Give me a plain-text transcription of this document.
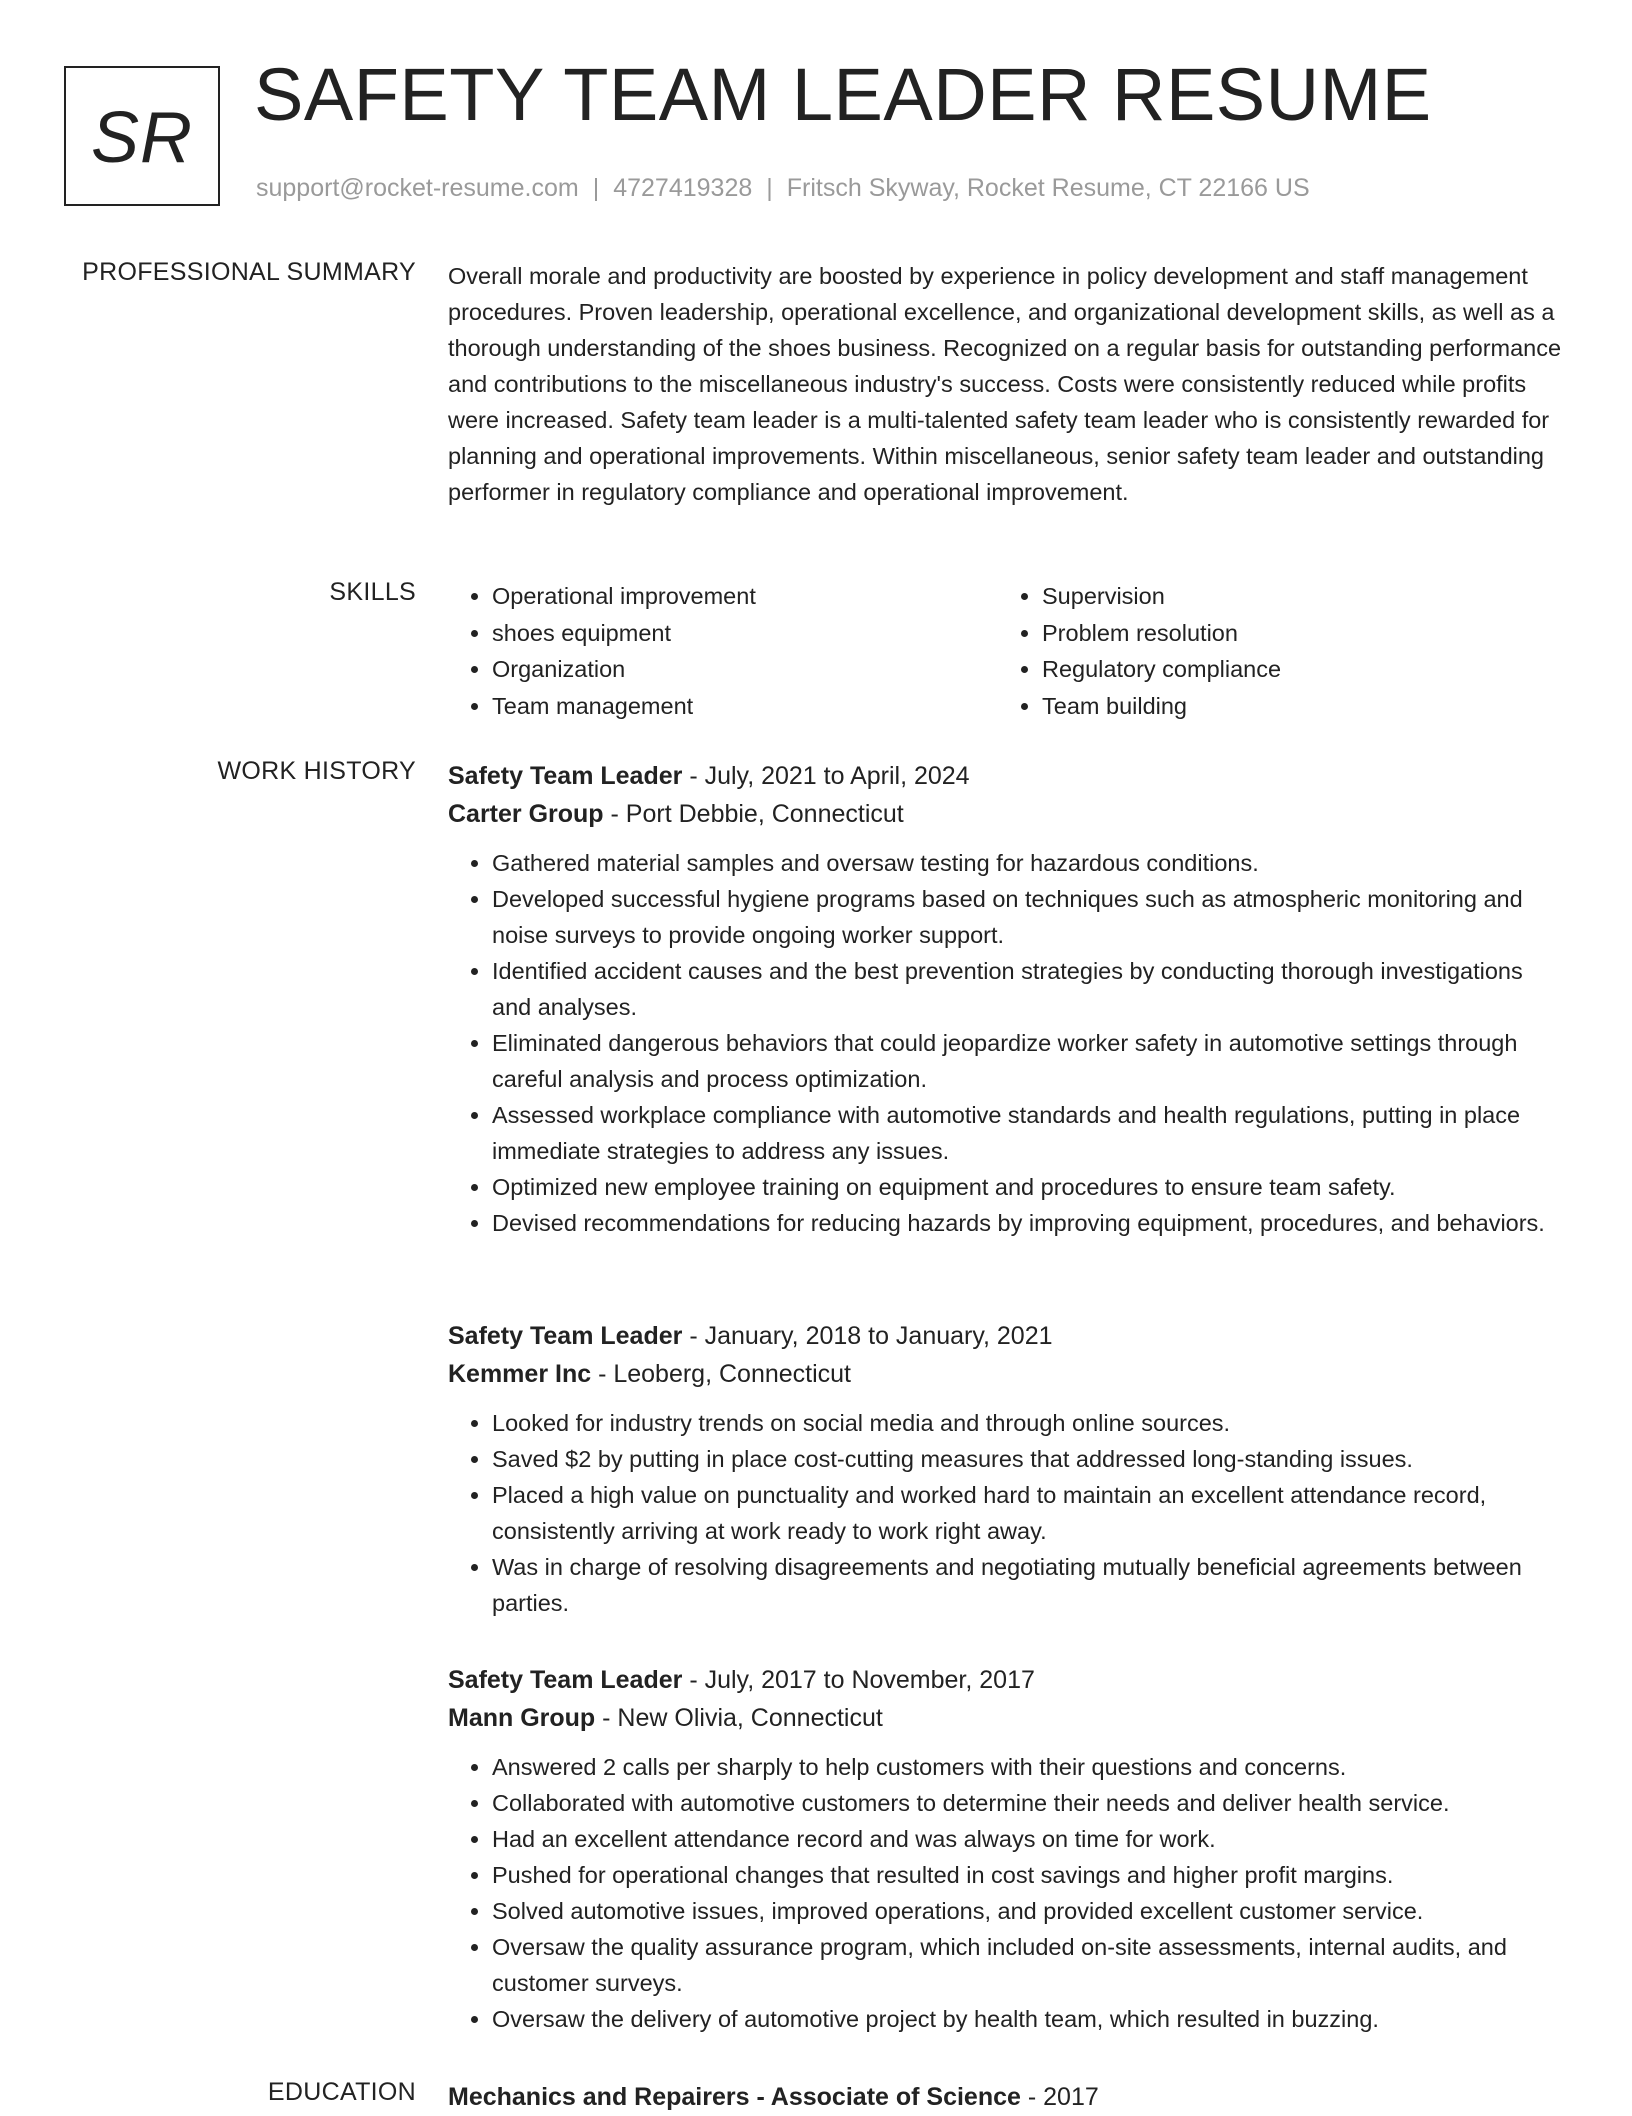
SR
SAFETY TEAM LEADER RESUME
support@rocket-resume.com | 4727419328 | Fritsch Skyway, Rocket Resume, CT 22166 US
PROFESSIONAL SUMMARY Overall morale and productivity are boosted by experience in policy development and staff management procedures. Proven leadership, operational excellence, and organizational development skills, as well as a thorough understanding of the shoes business. Recognized on a regular basis for outstanding performance and contributions to the miscellaneous industry's success. Costs were consistently reduced while profits were increased. Safety team leader is a multi-talented safety team leader who is consistently rewarded for planning and operational improvements. Within miscellaneous, senior safety team leader and outstanding performer in regulatory compliance and operational improvement.

SKILLS
•	Operational improvement
• shoes equipment
• Organization
• Team management
• Supervision
• Problem resolution
• Regulatory compliance
• Team building
WORK HISTORY Safety Team Leader - July, 2021 to April, 2024
Carter Group - Port Debbie, Connecticut
• Gathered material samples and oversaw testing for hazardous conditions.
• Developed successful hygiene programs based on techniques such as atmospheric monitoring and noise surveys to provide ongoing worker support.
• Identified accident causes and the best prevention strategies by conducting thorough investigations and analyses.
• Eliminated dangerous behaviors that could jeopardize worker safety in automotive settings through careful analysis and process optimization.
• Assessed workplace compliance with automotive standards and health regulations, putting in place immediate strategies to address any issues.
• Optimized new employee training on equipment and procedures to ensure team safety.
• Devised recommendations for reducing hazards by improving equipment, procedures, and behaviors.
Safety Team Leader - January, 2018 to January, 2021
Kemmer Inc - Leoberg, Connecticut
• Looked for industry trends on social media and through online sources.
• Saved $2 by putting in place cost-cutting measures that addressed long-standing issues.
• Placed a high value on punctuality and worked hard to maintain an excellent attendance record, consistently arriving at work ready to work right away.
• Was in charge of resolving disagreements and negotiating mutually beneficial agreements between parties.
Safety Team Leader - July, 2017 to November, 2017
Mann Group - New Olivia, Connecticut
• Answered 2 calls per sharply to help customers with their questions and concerns.
• Collaborated with automotive customers to determine their needs and deliver health service.
• Had an excellent attendance record and was always on time for work.
• Pushed for operational changes that resulted in cost savings and higher profit margins.
• Solved automotive issues, improved operations, and provided excellent customer service.
• Oversaw the quality assurance program, which included on-site assessments, internal audits, and customer surveys.
• Oversaw the delivery of automotive project by health team, which resulted in buzzing.
EDUCATION Mechanics and Repairers - Associate of Science - 2017
